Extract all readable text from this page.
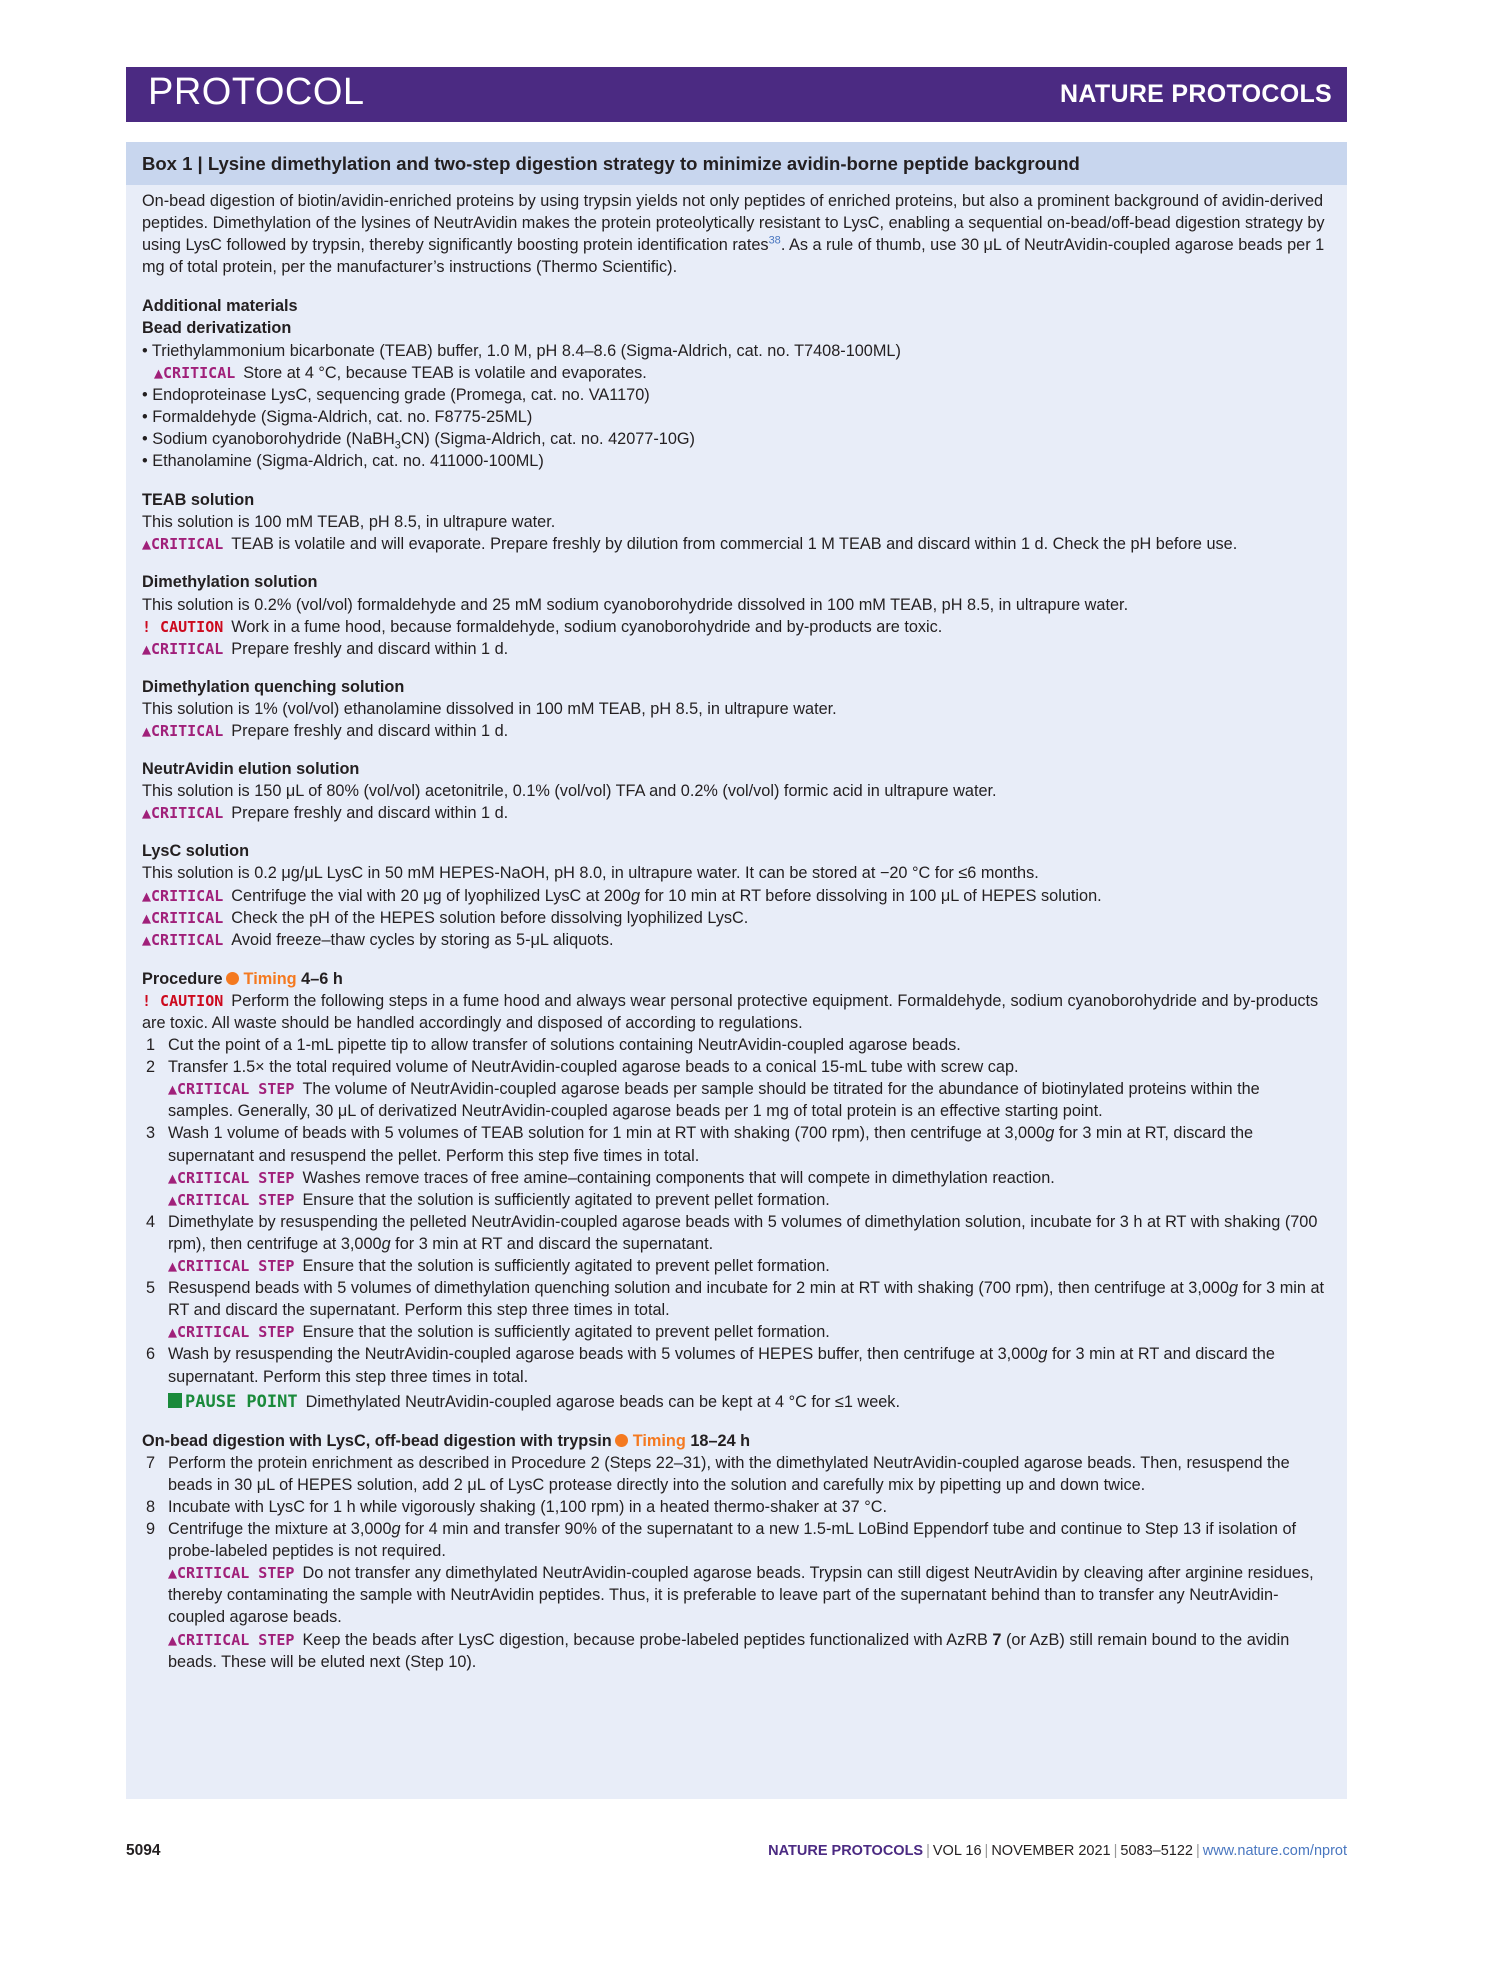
PROTOCOL	NATURE PROTOCOLS
Box 1 | Lysine dimethylation and two-step digestion strategy to minimize avidin-borne peptide background

On-bead digestion of biotin/avidin-enriched proteins by using trypsin yields not only peptides of enriched proteins, but also a prominent background of avidin-derived peptides. Dimethylation of the lysines of NeutrAvidin makes the protein proteolytically resistant to LysC, enabling a sequential on-bead/off-bead digestion strategy by using LysC followed by trypsin, thereby significantly boosting protein identification rates$^{38}$. As a rule of thumb, use 30 μL of NeutrAvidin-coupled agarose beads per 1 mg of total protein, per the manufacturer’s instructions (Thermo Scientific).

Additional materials

Bead derivatization

• Triethylammonium bicarbonate (TEAB) buffer, 1.0 M, pH 8.4–8.6 (Sigma-Aldrich, cat. no. T7408-100ML)

▲CRITICAL Store at 4 °C, because TEAB is volatile and evaporates.

• Endoproteinase LysC, sequencing grade (Promega, cat. no. VA1170)

• Formaldehyde (Sigma-Aldrich, cat. no. F8775-25ML)

• Sodium cyanoborohydride (NaBH$_3$CN) (Sigma-Aldrich, cat. no. 42077-10G)

• Ethanolamine (Sigma-Aldrich, cat. no. 411000-100ML)

TEAB solution

This solution is 100 mM TEAB, pH 8.5, in ultrapure water.

▲CRITICAL TEAB is volatile and will evaporate. Prepare freshly by dilution from commercial 1 M TEAB and discard within 1 d. Check the pH before use.

Dimethylation solution

This solution is 0.2% (vol/vol) formaldehyde and 25 mM sodium cyanoborohydride dissolved in 100 mM TEAB, pH 8.5, in ultrapure water.

! CAUTION Work in a fume hood, because formaldehyde, sodium cyanoborohydride and by-products are toxic.

▲CRITICAL Prepare freshly and discard within 1 d.

Dimethylation quenching solution

This solution is 1% (vol/vol) ethanolamine dissolved in 100 mM TEAB, pH 8.5, in ultrapure water.

▲CRITICAL Prepare freshly and discard within 1 d.

NeutrAvidin elution solution

This solution is 150 μL of 80% (vol/vol) acetonitrile, 0.1% (vol/vol) TFA and 0.2% (vol/vol) formic acid in ultrapure water.

▲CRITICAL Prepare freshly and discard within 1 d.

LysC solution

This solution is 0.2 μg/μL LysC in 50 mM HEPES-NaOH, pH 8.0, in ultrapure water. It can be stored at −20 °C for ≤6 months.

▲CRITICAL Centrifuge the vial with 20 μg of lyophilized LysC at 200g for 10 min at RT before dissolving in 100 μL of HEPES solution.

▲CRITICAL Check the pH of the HEPES solution before dissolving lyophilized LysC.

▲CRITICAL Avoid freeze–thaw cycles by storing as 5-μL aliquots.

Procedure Timing 4–6 h

! CAUTION Perform the following steps in a fume hood and always wear personal protective equipment. Formaldehyde, sodium cyanoborohydride and by-products are toxic. All waste should be handled accordingly and disposed of according to regulations.

1 Cut the point of a 1-mL pipette tip to allow transfer of solutions containing NeutrAvidin-coupled agarose beads.
2 Transfer 1.5× the total required volume of NeutrAvidin-coupled agarose beads to a conical 15-mL tube with screw cap.
▲CRITICAL STEP The volume of NeutrAvidin-coupled agarose beads per sample should be titrated for the abundance of biotinylated proteins within the samples. Generally, 30 μL of derivatized NeutrAvidin-coupled agarose beads per 1 mg of total protein is an effective starting point.
3 Wash 1 volume of beads with 5 volumes of TEAB solution for 1 min at RT with shaking (700 rpm), then centrifuge at 3,000g for 3 min at RT, discard the supernatant and resuspend the pellet. Perform this step five times in total.
▲CRITICAL STEP Washes remove traces of free amine–containing components that will compete in dimethylation reaction.
▲CRITICAL STEP Ensure that the solution is sufficiently agitated to prevent pellet formation.
4 Dimethylate by resuspending the pelleted NeutrAvidin-coupled agarose beads with 5 volumes of dimethylation solution, incubate for 3 h at RT with shaking (700 rpm), then centrifuge at 3,000g for 3 min at RT and discard the supernatant.
▲CRITICAL STEP Ensure that the solution is sufficiently agitated to prevent pellet formation.
5 Resuspend beads with 5 volumes of dimethylation quenching solution and incubate for 2 min at RT with shaking (700 rpm), then centrifuge at 3,000g for 3 min at RT and discard the supernatant. Perform this step three times in total.
▲CRITICAL STEP Ensure that the solution is sufficiently agitated to prevent pellet formation.
6 Wash by resuspending the NeutrAvidin-coupled agarose beads with 5 volumes of HEPES buffer, then centrifuge at 3,000g for 3 min at RT and discard the supernatant. Perform this step three times in total.
PAUSE POINT Dimethylated NeutrAvidin-coupled agarose beads can be kept at 4 °C for ≤1 week.

On-bead digestion with LysC, off-bead digestion with trypsin Timing 18–24 h

7 Perform the protein enrichment as described in Procedure 2 (Steps 22–31), with the dimethylated NeutrAvidin-coupled agarose beads. Then, resuspend the beads in 30 μL of HEPES solution, add 2 μL of LysC protease directly into the solution and carefully mix by pipetting up and down twice.
8 Incubate with LysC for 1 h while vigorously shaking (1,100 rpm) in a heated thermo-shaker at 37 °C.
9 Centrifuge the mixture at 3,000g for 4 min and transfer 90% of the supernatant to a new 1.5-mL LoBind Eppendorf tube and continue to Step 13 if isolation of probe-labeled peptides is not required.
▲CRITICAL STEP Do not transfer any dimethylated NeutrAvidin-coupled agarose beads. Trypsin can still digest NeutrAvidin by cleaving after arginine residues, thereby contaminating the sample with NeutrAvidin peptides. Thus, it is preferable to leave part of the supernatant behind than to transfer any NeutrAvidin-coupled agarose beads.
▲CRITICAL STEP Keep the beads after LysC digestion, because probe-labeled peptides functionalized with AzRB 7 (or AzB) still remain bound to the avidin beads. These will be eluted next (Step 10).
5094	NATURE PROTOCOLS | VOL 16 | NOVEMBER 2021 | 5083–5122 | www.nature.com/nprot
